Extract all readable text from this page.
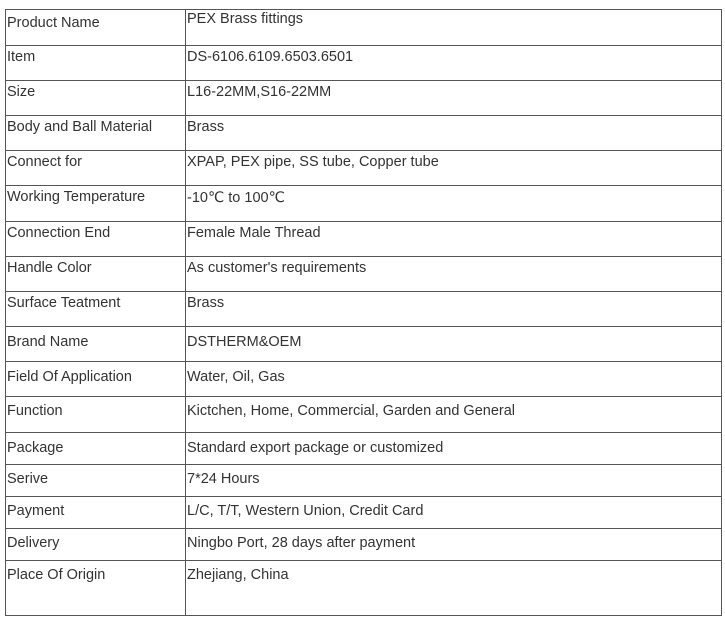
Product Name	PEX Brass fittings
Item	DS-6106.6109.6503.6501
Size	L16-22MM,S16-22MM
Body and Ball Material	Brass
Connect for	XPAP, PEX pipe, SS tube, Copper tube
Working Temperature	-10℃ to 100℃
Connection End	Female Male Thread
Handle Color	As customer's requirements
Surface Teatment	Brass
Brand Name	DSTHERM&OEM
Field Of Application	Water, Oil, Gas
Function	Kictchen, Home, Commercial, Garden and General
Package	Standard export package or customized
Serive	7*24 Hours
Payment	L/C, T/T, Western Union, Credit Card
Delivery	Ningbo Port, 28 days after payment
Place Of Origin	Zhejiang, China
